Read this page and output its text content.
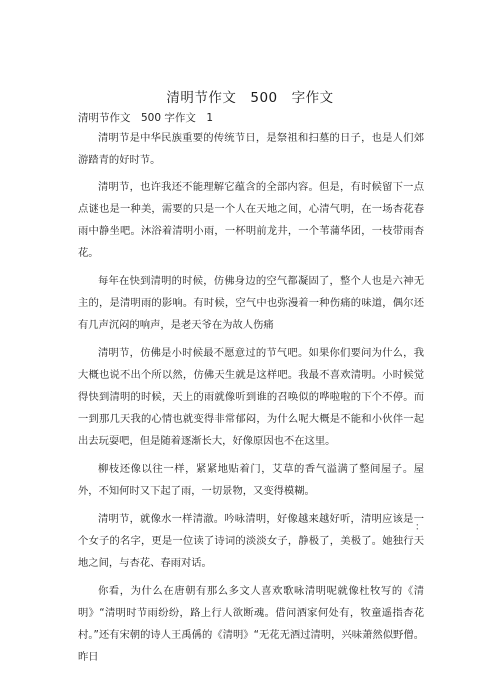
清明节作文　500　字作文
清明节作文　500 字作文　1

清明节是中华民族重要的传统节日，是祭祖和扫墓的日子，也是人们郊游踏青的好时节。

清明节，也许我还不能理解它蕴含的全部内容。但是，有时候留下一点点谜也是一种美，需要的只是一个人在天地之间，心清气明，在一场杏花春雨中静坐吧。沐浴着清明小雨，一杯明前龙井，一个苇蒲华团，一枝带雨杏花。

每年在快到清明的时候，仿佛身边的空气都凝固了，整个人也是六神无主的，是清明雨的影响。有时候，空气中也弥漫着一种伤痛的味道，偶尔还有几声沉闷的响声，是老天爷在为故人伤痛

清明节，仿佛是小时候最不愿意过的节气吧。如果你们要问为什么，我大概也说不出个所以然，仿佛天生就是这样吧。我最不喜欢清明。小时候觉得快到清明的时候，天上的雨就像听到谁的召唤似的哗啦啦的下个不停。而一到那几天我的心情也就变得非常郁闷，为什么呢大概是不能和小伙伴一起出去玩耍吧，但是随着逐渐长大，好像原因也不在这里。

柳枝还像以往一样，紧紧地贴着门，艾草的香气溢满了整间屋子。屋外，不知何时又下起了雨，一切景物，又变得模糊。

清明节，就像水一样清澈。吟咏清明，好像越来越好听，清明应该是一个女子的名字，更是一位读了诗词的淡淡女子，静极了，美极了。她独行天地之间，与杏花、春雨对话。

你看，为什么在唐朝有那么多文人喜欢歌咏清明呢就像杜牧写的《清明》“清明时节雨纷纷，路上行人欲断魂。借问酒家何处有，牧童遥指杏花村。”还有宋朝的诗人王禹偁的《清明》“无花无酒过清明，兴味萧然似野僧。昨日

：
